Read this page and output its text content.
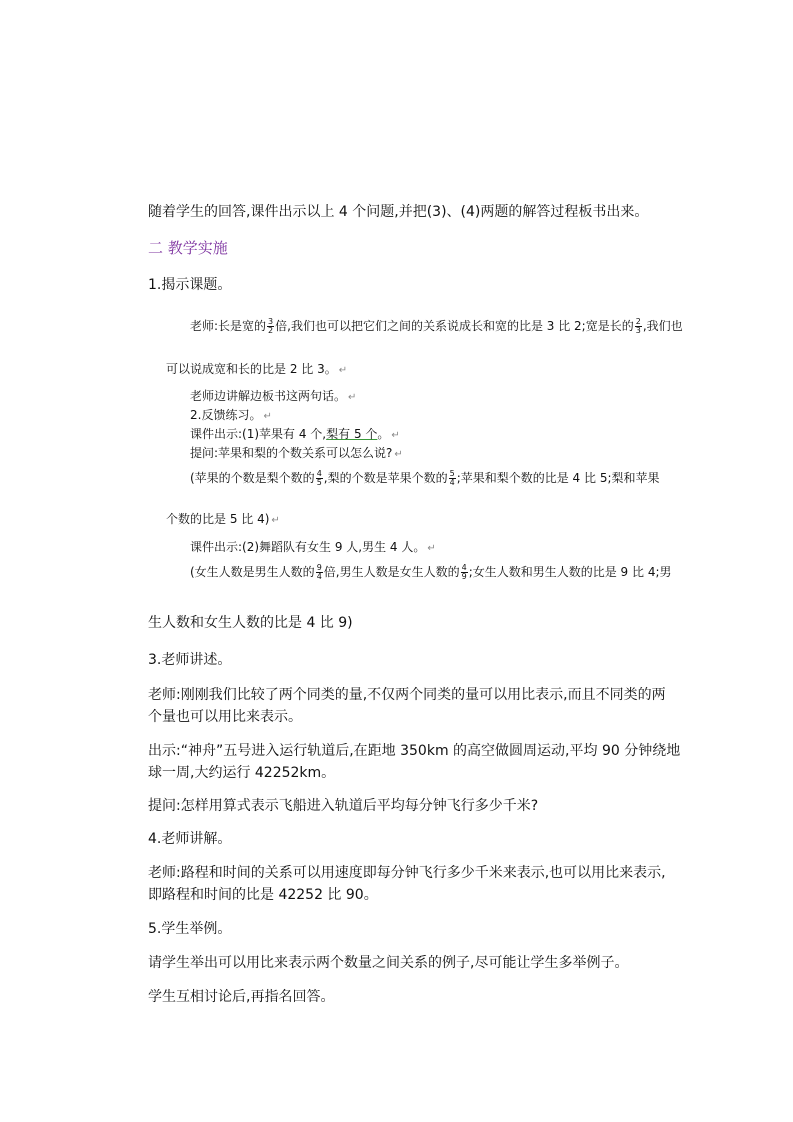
随着学生的回答,课件出示以上 4 个问题,并把(3)、(4)两题的解答过程板书出来。
二 教学实施
1.揭示课题。
老师:长是宽的 $\frac{3}{2}$ 倍,我们也可以把它们之间的关系说成长和宽的比是 3 比 2;宽是长的 $\frac{2}{3}$ ,我们也
可以说成宽和长的比是 2 比 3。 ↵
老师边讲解边板书这两句话。 ↵
2.反馈练习。 ↵
课件出示:(1)苹果有 4 个,梨有 5 个。 ↵
提问:苹果和梨的个数关系可以怎么说? ↵
(苹果的个数是梨个数的 $\frac{4}{5}$ ,梨的个数是苹果个数的 $\frac{5}{4}$ ;苹果和梨个数的比是 4 比 5;梨和苹果
个数的比是 5 比 4) ↵
课件出示:(2)舞蹈队有女生 9 人,男生 4 人。 ↵
(女生人数是男生人数的 $\frac{9}{4}$ 倍,男生人数是女生人数的 $\frac{4}{9}$ ;女生人数和男生人数的比是 9 比 4;男
生人数和女生人数的比是 4 比 9)
3.老师讲述。
老师:刚刚我们比较了两个同类的量,不仅两个同类的量可以用比表示,而且不同类的两
个量也可以用比来表示。
出示:“神舟”五号进入运行轨道后,在距地 350km 的高空做圆周运动,平均 90 分钟绕地
球一周,大约运行 42252km。
提问:怎样用算式表示飞船进入轨道后平均每分钟飞行多少千米?
4.老师讲解。
老师:路程和时间的关系可以用速度即每分钟飞行多少千米来表示,也可以用比来表示,
即路程和时间的比是 42252 比 90。
5.学生举例。
请学生举出可以用比来表示两个数量之间关系的例子,尽可能让学生多举例子。
学生互相讨论后,再指名回答。
